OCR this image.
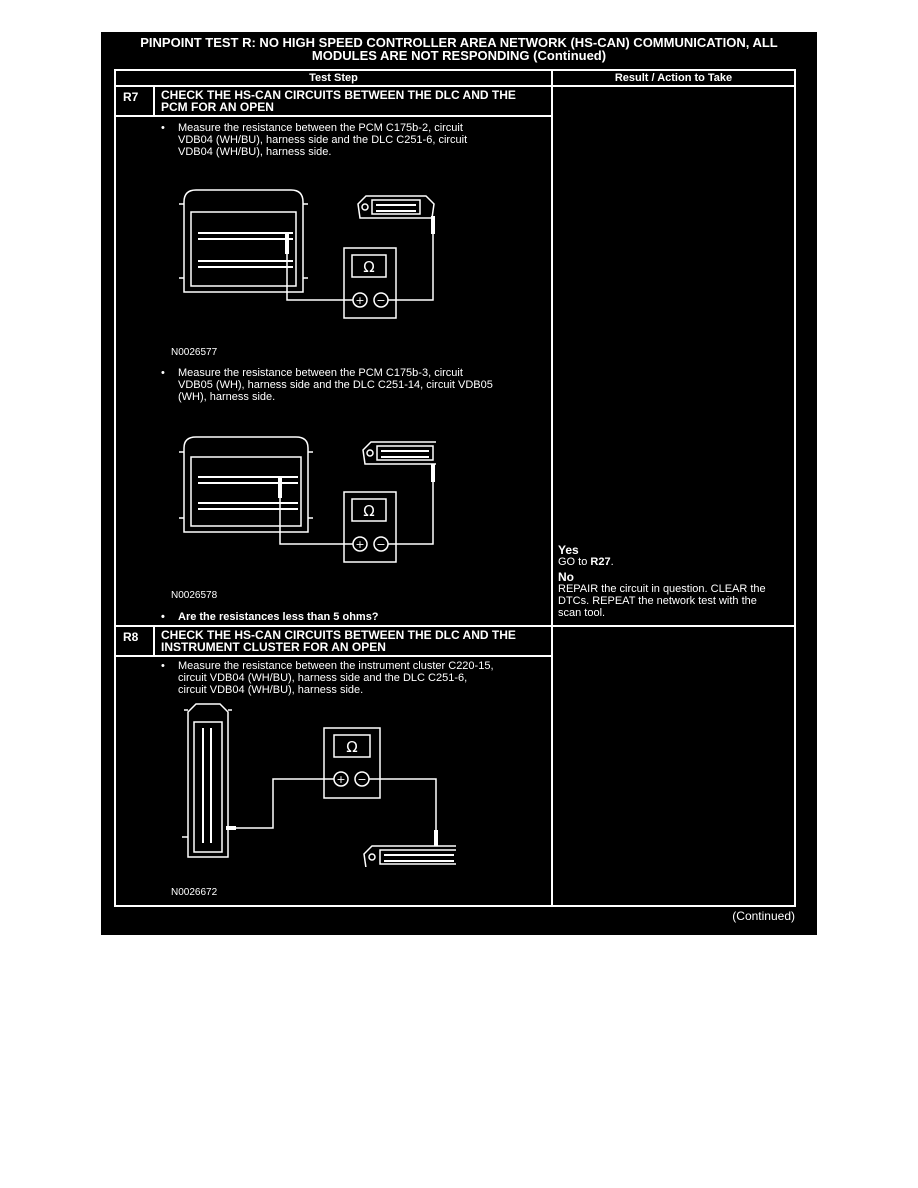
PINPOINT TEST R: NO HIGH SPEED CONTROLLER AREA NETWORK (HS-CAN) COMMUNICATION, ALL
MODULES ARE NOT RESPONDING (Continued)
Test Step	Result / Action to Take
R7 CHECK THE HS-CAN CIRCUITS BETWEEN THE DLC AND THE
PCM FOR AN OPEN
• Measure the resistance between the PCM C175b-2, circuit
VDB04 (WH/BU), harness side and the DLC C251-6, circuit
VDB04 (WH/BU), harness side.
Ω
+ −
N0026577
• Measure the resistance between the PCM C175b-3, circuit
VDB05 (WH), harness side and the DLC C251-14, circuit VDB05
(WH), harness side.
Ω
+ −
N0026578
• Are the resistances less than 5 ohms?
Yes
GO to R27.
No
REPAIR the circuit in question. CLEAR the
DTCs. REPEAT the network test with the
scan tool.
R8 CHECK THE HS-CAN CIRCUITS BETWEEN THE DLC AND THE
INSTRUMENT CLUSTER FOR AN OPEN
• Measure the resistance between the instrument cluster C220-15,
circuit VDB04 (WH/BU), harness side and the DLC C251-6,
circuit VDB04 (WH/BU), harness side.
Ω
+ −
N0026672
(Continued)
